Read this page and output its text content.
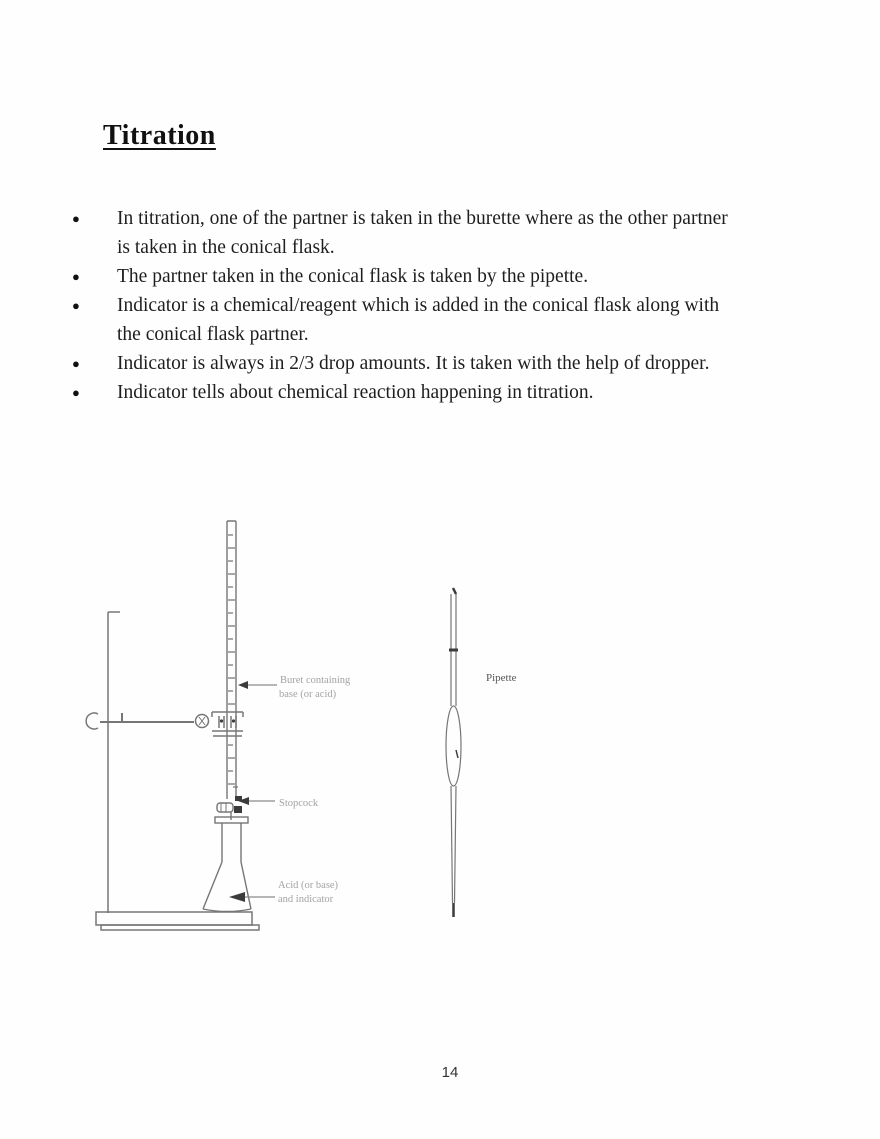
Titration
● In titration, one of the partner is taken in the burette where as the other partner is taken in the conical flask.
● The partner taken in the conical flask is taken by the pipette.
● Indicator is a chemical/reagent which is added in the conical flask along with the conical flask partner.
● Indicator is always in 2/3 drop amounts. It is taken with the help of dropper.
● Indicator tells about chemical reaction happening in titration.
Buret containing
base (or acid)
Stopcock
Acid (or base)
and indicator
Pipette
14
